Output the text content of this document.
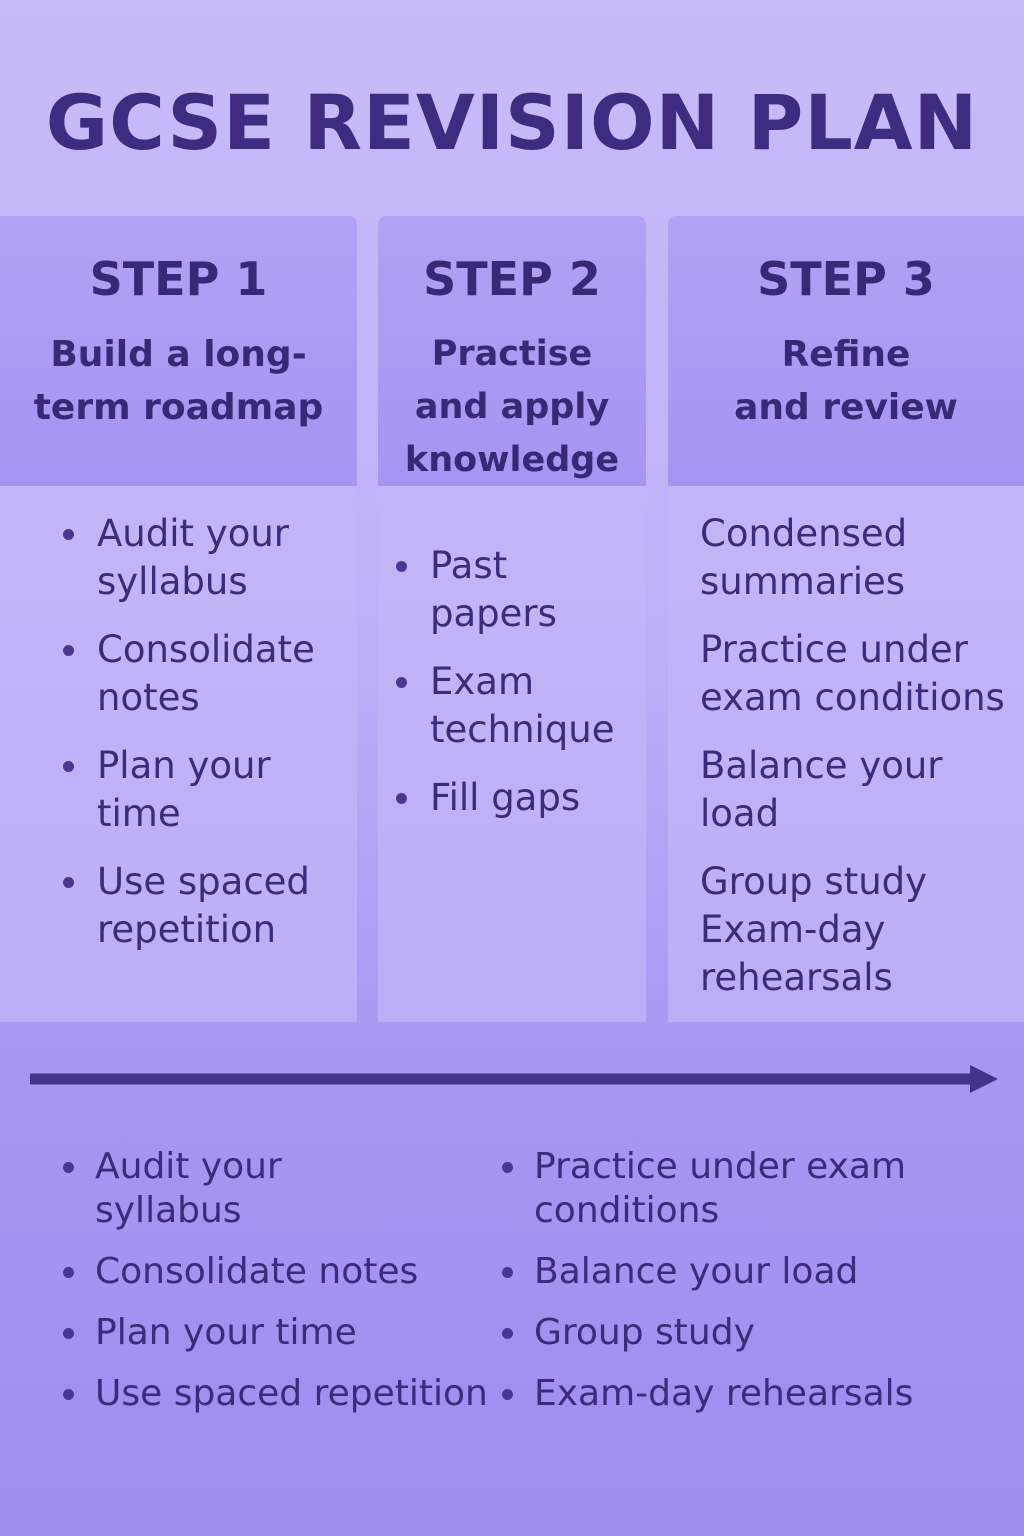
GCSE REVISION PLAN
STEP 1
Build a long-
term roadmap
Audit your
syllabus
Consolidate
notes
Plan your
time
Use spaced
repetition
STEP 2
Practise
and apply
knowledge
Past
papers
Exam
technique
Fill gaps
STEP 3
Refine
and review
Condensed
summaries
Practice under
exam conditions
Balance your
load
Group study
Exam-day
rehearsals
Audit your
syllabus
Consolidate notes
Plan your time
Use spaced repetition
Practice under exam
conditions
Balance your load
Group study
Exam-day rehearsals
